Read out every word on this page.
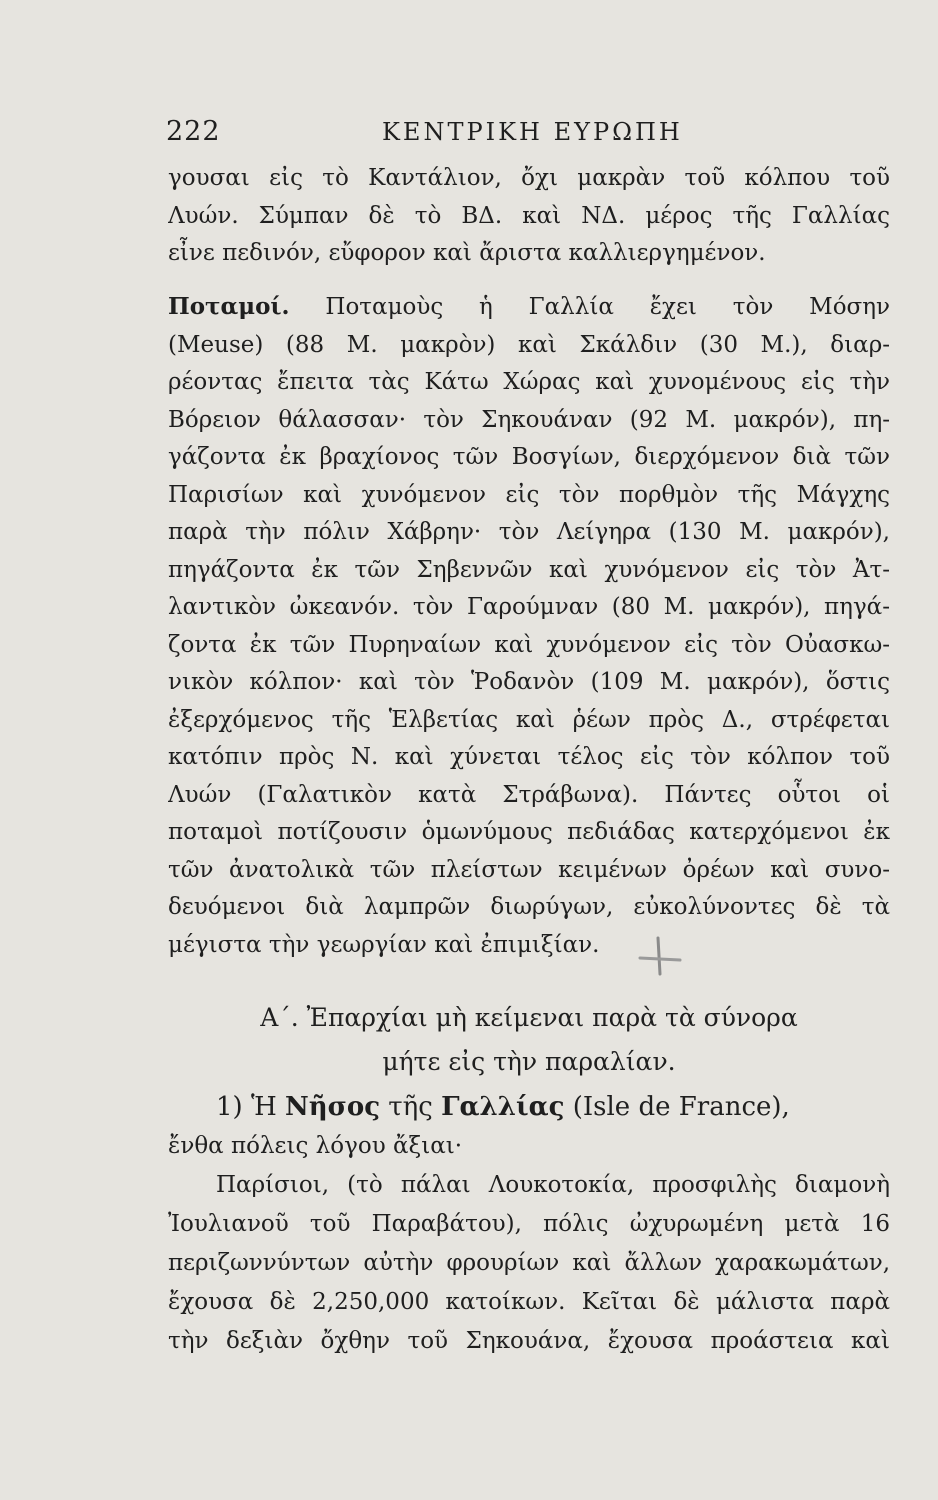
222	ΚΕΝΤΡΙΚΗ ΕΥΡΩΠΗ
γουσαι εἰς τὸ Καντάλιον, ὄχι μακρὰν τοῦ κόλπου τοῦ
Λυών. Σύμπαν δὲ τὸ ΒΔ. καὶ ΝΔ. μέρος τῆς Γαλλίας
εἶνε πεδινόν, εὔφορον καὶ ἄριστα καλλιεργημένον.
Ποταμοί. Ποταμοὺς ἡ Γαλλία ἔχει τὸν Μόσην
(Meuse) (88 Μ. μακρὸν) καὶ Σκάλδιν (30 Μ.), διαρ-
ρέοντας ἔπειτα τὰς Κάτω Χώρας καὶ χυνομένους εἰς τὴν
Βόρειον θάλασσαν· τὸν Σηκουάναν (92 Μ. μακρόν), πη-
γάζοντα ἐκ βραχίονος τῶν Βοσγίων, διερχόμενον διὰ τῶν
Παρισίων καὶ χυνόμενον εἰς τὸν πορθμὸν τῆς Μάγχης
παρὰ τὴν πόλιν Χάβρην· τὸν Λείγηρα (130 Μ. μακρόν),
πηγάζοντα ἐκ τῶν Σηβεννῶν καὶ χυνόμενον εἰς τὸν Ἀτ-
λαντικὸν ὠκεανόν. τὸν Γαρούμναν (80 Μ. μακρόν), πηγά-
ζοντα ἐκ τῶν Πυρηναίων καὶ χυνόμενον εἰς τὸν Οὐασκω-
νικὸν κόλπον· καὶ τὸν Ῥοδανὸν (109 Μ. μακρόν), ὅστις
ἐξερχόμενος τῆς Ἑλβετίας καὶ ῥέων πρὸς Δ., στρέφεται
κατόπιν πρὸς Ν. καὶ χύνεται τέλος εἰς τὸν κόλπον τοῦ
Λυών (Γαλατικὸν κατὰ Στράβωνα). Πάντες οὗτοι οἱ
ποταμοὶ ποτίζουσιν ὁμωνύμους πεδιάδας κατερχόμενοι ἐκ
τῶν ἀνατολικὰ τῶν πλείστων κειμένων ὀρέων καὶ συνο-
δευόμενοι διὰ λαμπρῶν διωρύγων, εὐκολύνοντες δὲ τὰ
μέγιστα τὴν γεωργίαν καὶ ἐπιμιξίαν.
Α΄. Ἐπαρχίαι μὴ κείμεναι παρὰ τὰ σύνορα
μήτε εἰς τὴν παραλίαν.
1) Ἡ Νῆσος τῆς Γαλλίας (Isle de France),
ἔνθα πόλεις λόγου ἄξιαι·
Παρίσιοι, (τὸ πάλαι Λουκοτοκία, προσφιλὴς διαμονὴ
Ἰουλιανοῦ τοῦ Παραβάτου), πόλις ὠχυρωμένη μετὰ 16
περιζωννύντων αὐτὴν φρουρίων καὶ ἄλλων χαρακωμάτων,
ἔχουσα δὲ 2,250,000 κατοίκων. Κεῖται δὲ μάλιστα παρὰ
τὴν δεξιὰν ὄχθην τοῦ Σηκουάνα, ἔχουσα προάστεια καὶ
